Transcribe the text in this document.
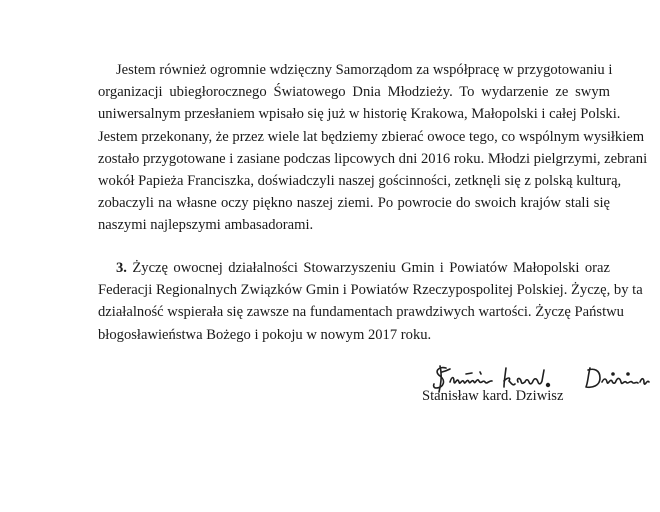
Jestem również ogromnie wdzięczny Samorządom za współpracę w przygotowaniu i
organizacji ubiegłorocznego Światowego Dnia Młodzieży. To wydarzenie ze swym
uniwersalnym przesłaniem wpisało się już w historię Krakowa, Małopolski i całej Polski.
Jestem przekonany, że przez wiele lat będziemy zbierać owoce tego, co wspólnym wysiłkiem
zostało przygotowane i zasiane podczas lipcowych dni 2016 roku. Młodzi pielgrzymi, zebrani
wokół Papieża Franciszka, doświadczyli naszej gościnności, zetknęli się z polską kulturą,
zobaczyli na własne oczy piękno naszej ziemi. Po powrocie do swoich krajów stali się
naszymi najlepszymi ambasadorami.
3. Życzę owocnej działalności Stowarzyszeniu Gmin i Powiatów Małopolski oraz
Federacji Regionalnych Związków Gmin i Powiatów Rzeczypospolitej Polskiej. Życzę, by ta
działalność wspierała się zawsze na fundamentach prawdziwych wartości. Życzę Państwu
błogosławieństwa Bożego i pokoju w nowym 2017 roku.
Stanisław kard. Dziwisz
